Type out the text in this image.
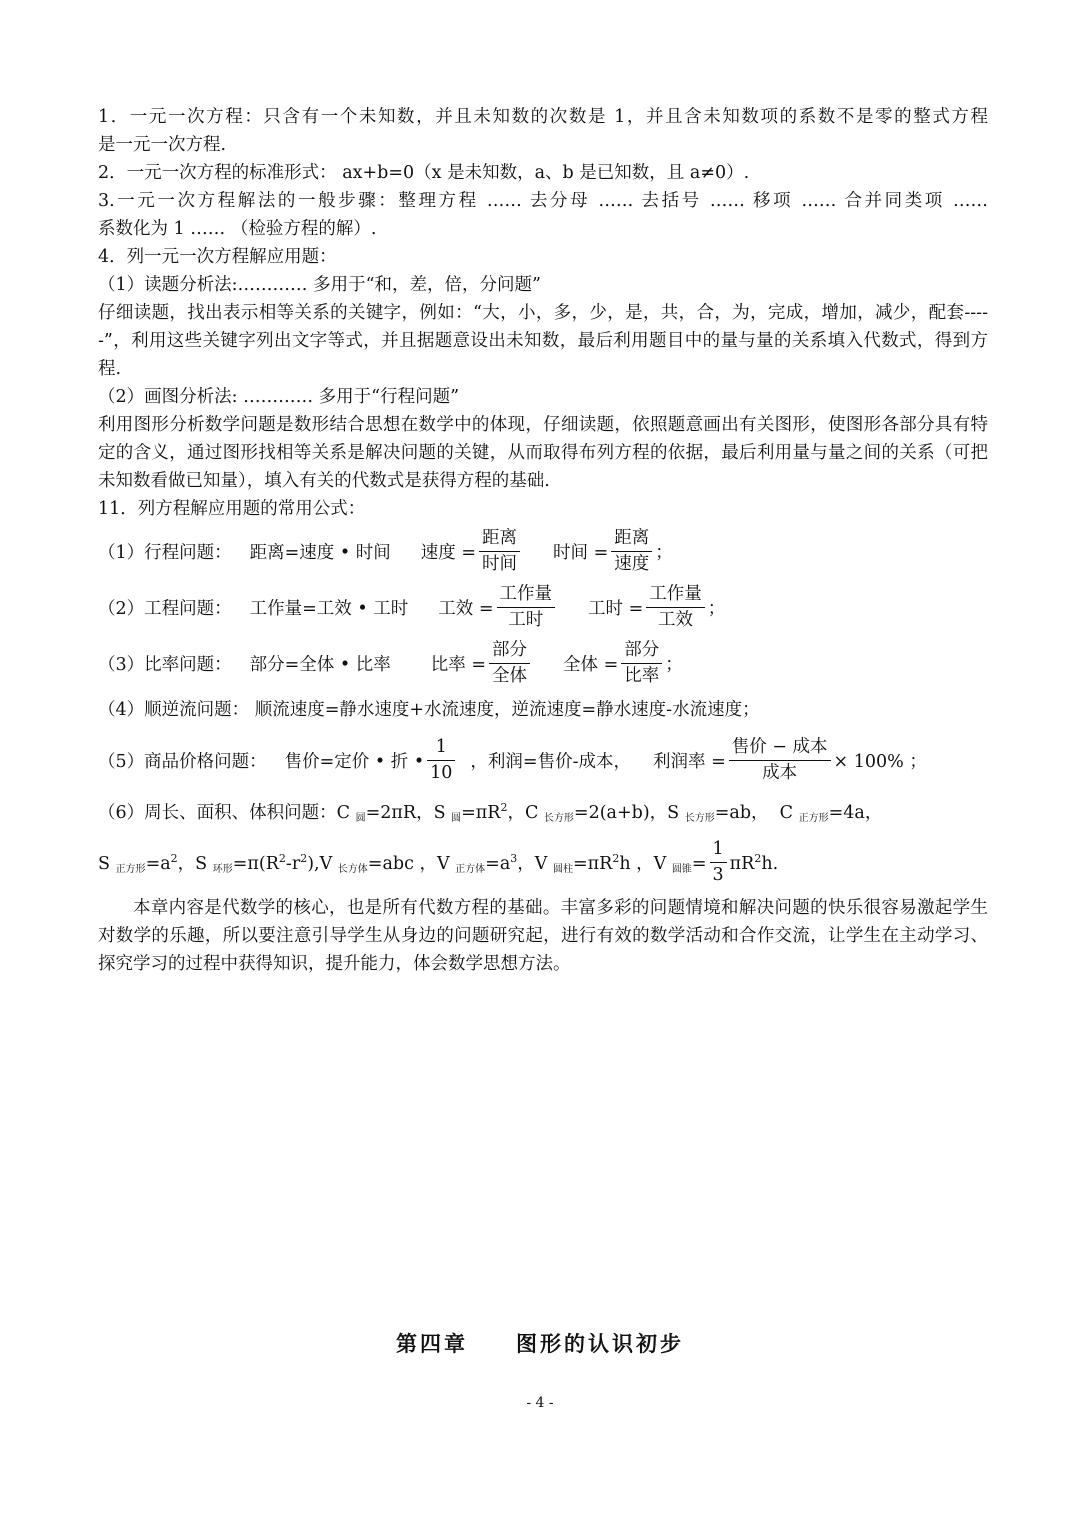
1．一元一次方程：只含有一个未知数，并且未知数的次数是 1，并且含未知数项的系数不是零的整式方程
是一元一次方程.
2．一元一次方程的标准形式： ax+b=0（x 是未知数，a、b 是已知数，且 a≠0）.
3.一元一次方程解法的一般步骤：整理方程 …… 去分母 …… 去括号 …… 移项 …… 合并同类项 ……
系数化为 1 …… （检验方程的解）.
4．列一元一次方程解应用题：
（1）读题分析法:………… 多用于“和，差，倍，分问题”
仔细读题，找出表示相等关系的关键字，例如：“大，小，多，少，是，共，合，为，完成，增加，减少，配套-----”，利用这些关键字列出文字等式，并且据题意设出未知数，最后利用题目中的量与量的关系填入代数式，得到方程.
（2）画图分析法: ………… 多用于“行程问题”
利用图形分析数学问题是数形结合思想在数学中的体现，仔细读题，依照题意画出有关图形，使图形各部分具有特定的含义，通过图形找相等关系是解决问题的关键，从而取得布列方程的依据，最后利用量与量之间的关系（可把未知数看做已知量），填入有关的代数式是获得方程的基础.
11．列方程解应用题的常用公式：
（1）行程问题： 距离=速度 • 时间 速度 = $\frac{\text{距离}}{\text{时间}}$ 时间 = $\frac{\text{距离}}{\text{速度}}$ ；
（2）工程问题： 工作量=工效 • 工时 工效 = $\frac{\text{工作量}}{\text{工时}}$ 工时 = $\frac{\text{工作量}}{\text{工效}}$ ；
（3）比率问题： 部分=全体 • 比率 比率 = $\frac{\text{部分}}{\text{全体}}$ 全体 = $\frac{\text{部分}}{\text{比率}}$ ；
（4）顺逆流问题： 顺流速度=静水速度+水流速度，逆流速度=静水速度-水流速度；
（5）商品价格问题： 售价=定价 • 折 • $\frac{1}{10}$ ，利润=售价-成本， 利润率 = $\frac{\text{售价 − 成本}}{\text{成本}} \times 100\%$ ；
（6）周长、面积、体积问题：C $_圆$=2πR，S $_圆=\pi R^2$，C $_{长方形}$=2(a+b)，S $_{长方形}$=ab，  C $_{正方形}$=4a，
S $_{正方形}=a^2$，S $_{环形}=\pi(R^2-r^2),V$ $_{长方体}$=abc ，V $_{正方体}=a^3$，V $_{圆柱}=\pi R^2h$ ，V $_{圆锥}= \frac{1}{3} \pi R^2h$.
本章内容是代数学的核心，也是所有代数方程的基础。丰富多彩的问题情境和解决问题的快乐很容易激起学生对数学的乐趣，所以要注意引导学生从身边的问题研究起，进行有效的数学活动和合作交流，让学生在主动学习、探究学习的过程中获得知识，提升能力，体会数学思想方法。
第四章　　图形的认识初步
- 4 -
